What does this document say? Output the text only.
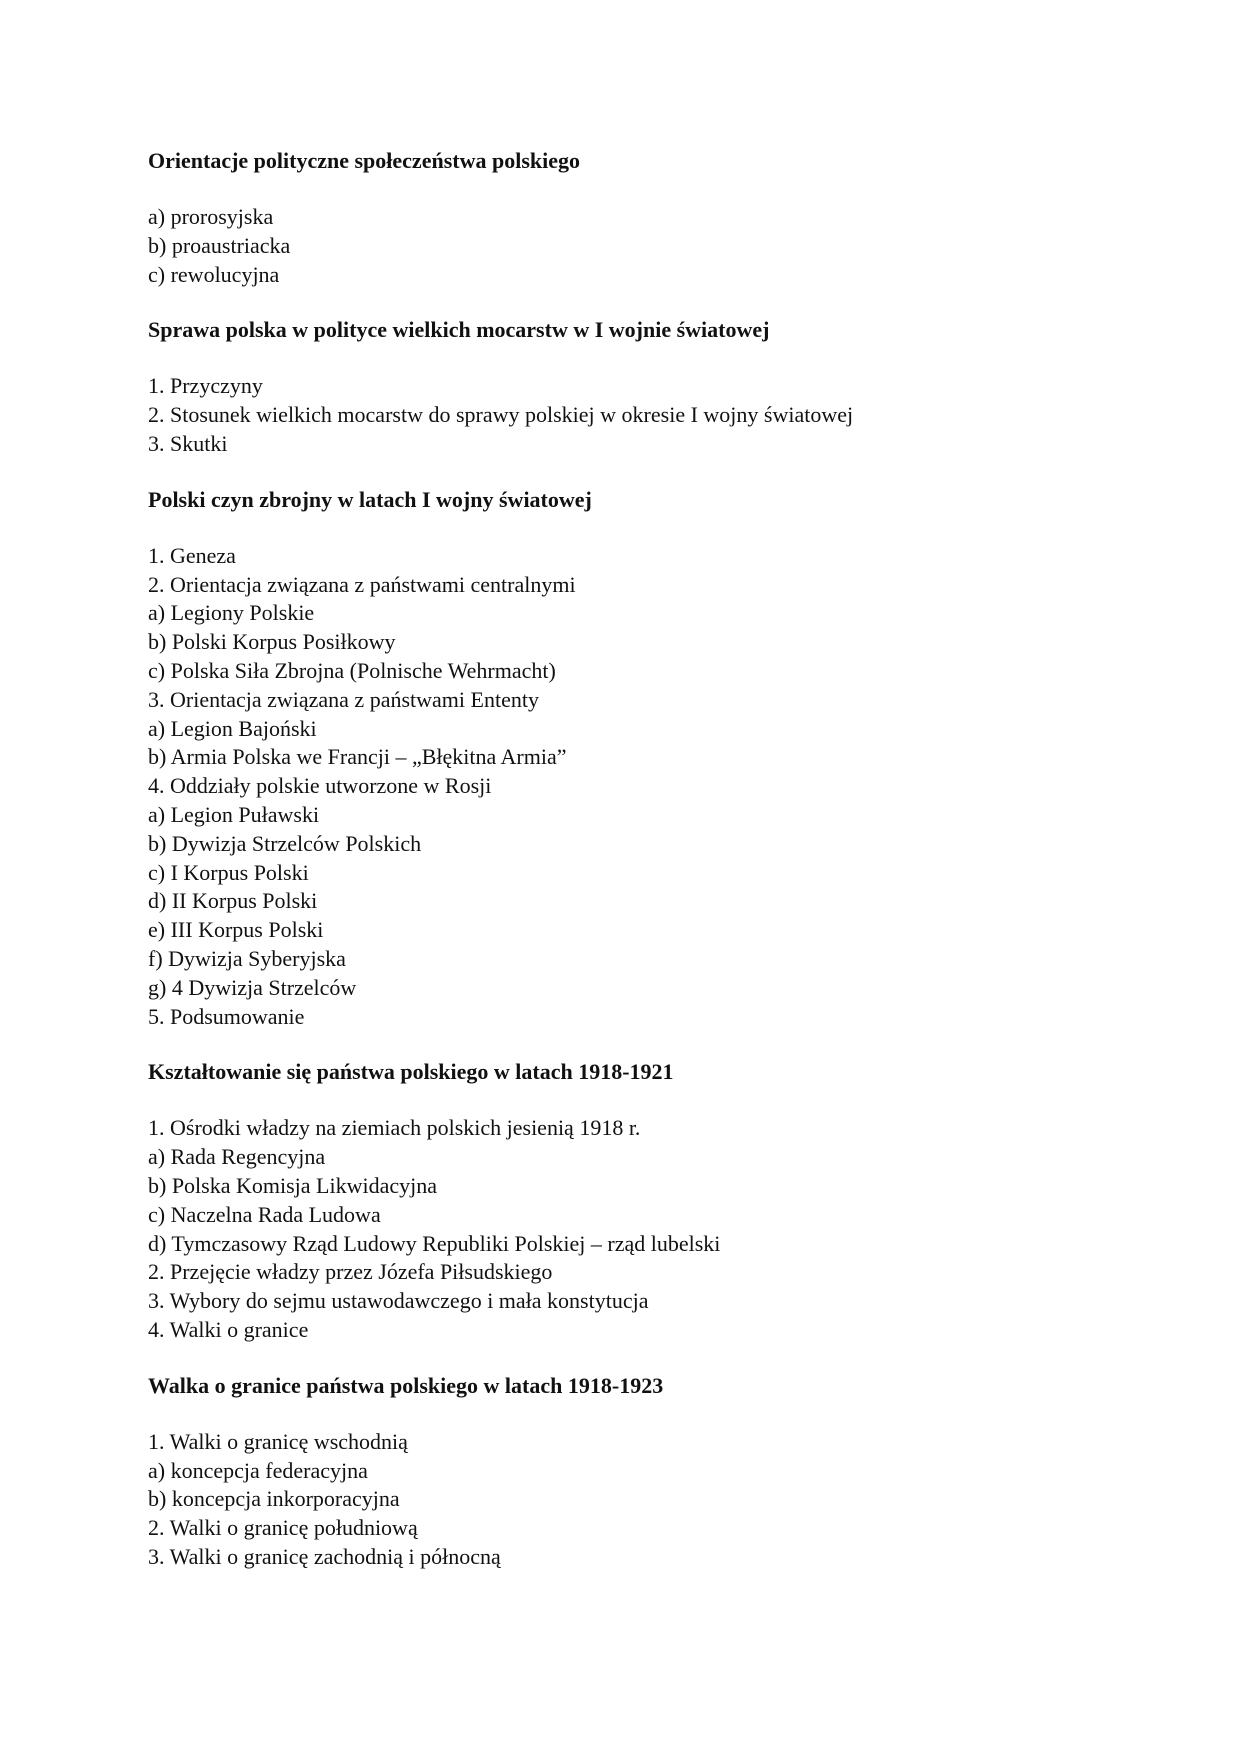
Orientacje polityczne społeczeństwa polskiego
a) prorosyjska
b) proaustriacka
c) rewolucyjna
Sprawa polska w polityce wielkich mocarstw w I wojnie światowej
1. Przyczyny
2. Stosunek wielkich mocarstw do sprawy polskiej w okresie I wojny światowej
3. Skutki
Polski czyn zbrojny w latach I wojny światowej
1. Geneza
2. Orientacja związana z państwami centralnymi
a) Legiony Polskie
b) Polski Korpus Posiłkowy
c) Polska Siła Zbrojna (Polnische Wehrmacht)
3. Orientacja związana z państwami Ententy
a) Legion Bajoński
b) Armia Polska we Francji – „Błękitna Armia”
4. Oddziały polskie utworzone w Rosji
a) Legion Puławski
b) Dywizja Strzelców Polskich
c) I Korpus Polski
d) II Korpus Polski
e) III Korpus Polski
f) Dywizja Syberyjska
g) 4 Dywizja Strzelców
5. Podsumowanie
Kształtowanie się państwa polskiego w latach 1918-1921
1. Ośrodki władzy na ziemiach polskich jesienią 1918 r.
a) Rada Regencyjna
b) Polska Komisja Likwidacyjna
c) Naczelna Rada Ludowa
d) Tymczasowy Rząd Ludowy Republiki Polskiej – rząd lubelski
2. Przejęcie władzy przez Józefa Piłsudskiego
3. Wybory do sejmu ustawodawczego i mała konstytucja
4. Walki o granice
Walka o granice państwa polskiego w latach 1918-1923
1. Walki o granicę wschodnią
a) koncepcja federacyjna
b) koncepcja inkorporacyjna
2. Walki o granicę południową
3. Walki o granicę zachodnią i północną
